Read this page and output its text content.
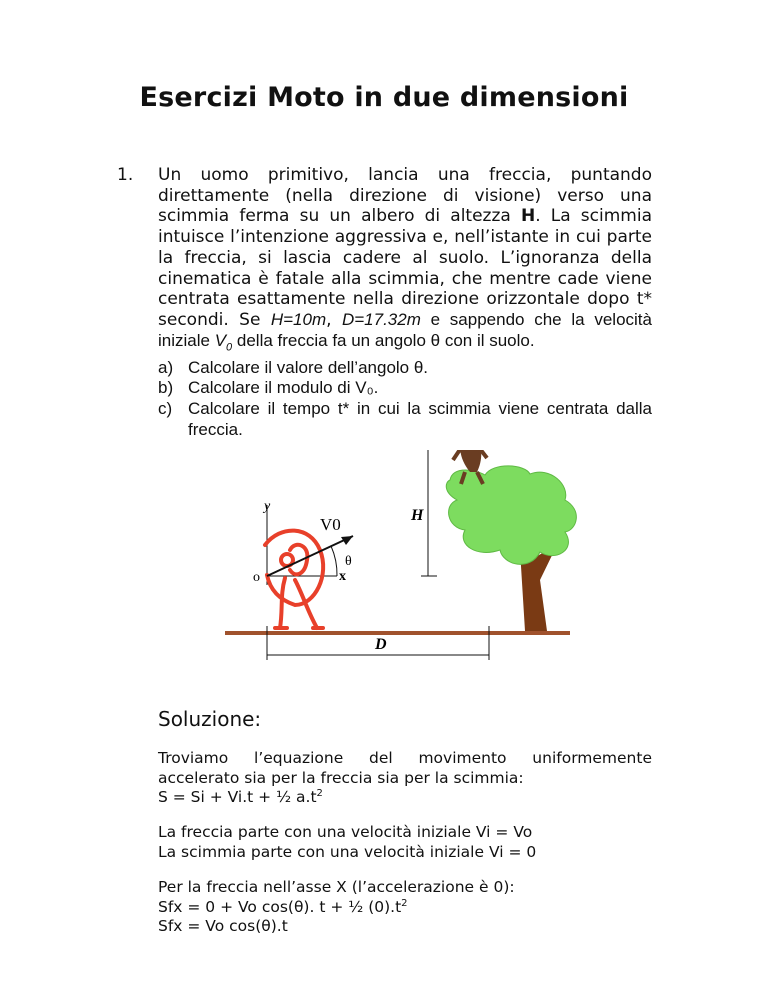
Esercizi Moto in due dimensioni
1. Un uomo primitivo, lancia una freccia, puntando direttamente (nella direzione di visione) verso una scimmia ferma su un albero di altezza H. La scimmia intuisce l’intenzione aggressiva e, nell’istante in cui parte la freccia, si lascia cadere al suolo. L’ignoranza della cinematica è fatale alla scimmia, che mentre cade viene centrata esattamente nella direzione orizzontale dopo t* secondi. Se H=10m, D=17.32m e sappendo che la velocità iniziale $V_0$ della freccia fa un angolo θ con il suolo.
a) Calcolare il valore dell’angolo θ.
b) Calcolare il modulo di V₀.
c) Calcolare il tempo t* in cui la scimmia viene centrata dalla freccia.
H
D
y
x
o
V0
θ
Soluzione:

Troviamo l’equazione del movimento uniformemente

accelerato sia per la freccia sia per la scimmia:

S = Si + Vi.t + ½ $a.t^2$

La freccia parte con una velocità iniziale Vi = Vo

La scimmia parte con una velocità iniziale Vi = 0

Per la freccia nell’asse X (l’accelerazione è 0):

Sfx = 0 + Vo cos(θ). t + ½ $(0).t^2$

Sfx = Vo cos(θ).t
